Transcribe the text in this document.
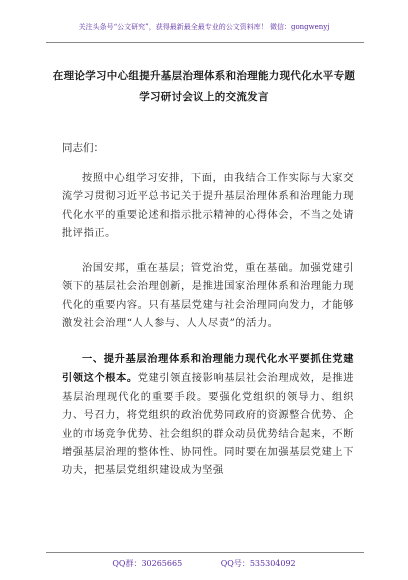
关注头条号“公文研究”，获得最新最全最专业的公文资料库！ 微信：gongwenyj
在理论学习中心组提升基层治理体系和治理能力现代化水平专题学习研讨会议上的交流发言
同志们：
按照中心组学习安排，下面，由我结合工作实际与大家交流学习贯彻习近平总书记关于提升基层治理体系和治理能力现代化水平的重要论述和指示批示精神的心得体会，不当之处请批评指正。
治国安邦，重在基层；管党治党，重在基础。加强党建引领下的基层社会治理创新，是推进国家治理体系和治理能力现代化的重要内容。只有基层党建与社会治理同向发力，才能够激发社会治理“人人参与、人人尽责”的活力。
一、提升基层治理体系和治理能力现代化水平要抓住党建引领这个根本。党建引领直接影响基层社会治理成效，是推进基层治理现代化的重要手段。要强化党组织的领导力、组织力、号召力，将党组织的政治优势同政府的资源整合优势、企业的市场竞争优势、社会组织的群众动员优势结合起来，不断增强基层治理的整体性、协同性。同时要在加强基层党建上下功夫，把基层党组织建设成为坚强
QQ群：30265665	QQ号：535304092
